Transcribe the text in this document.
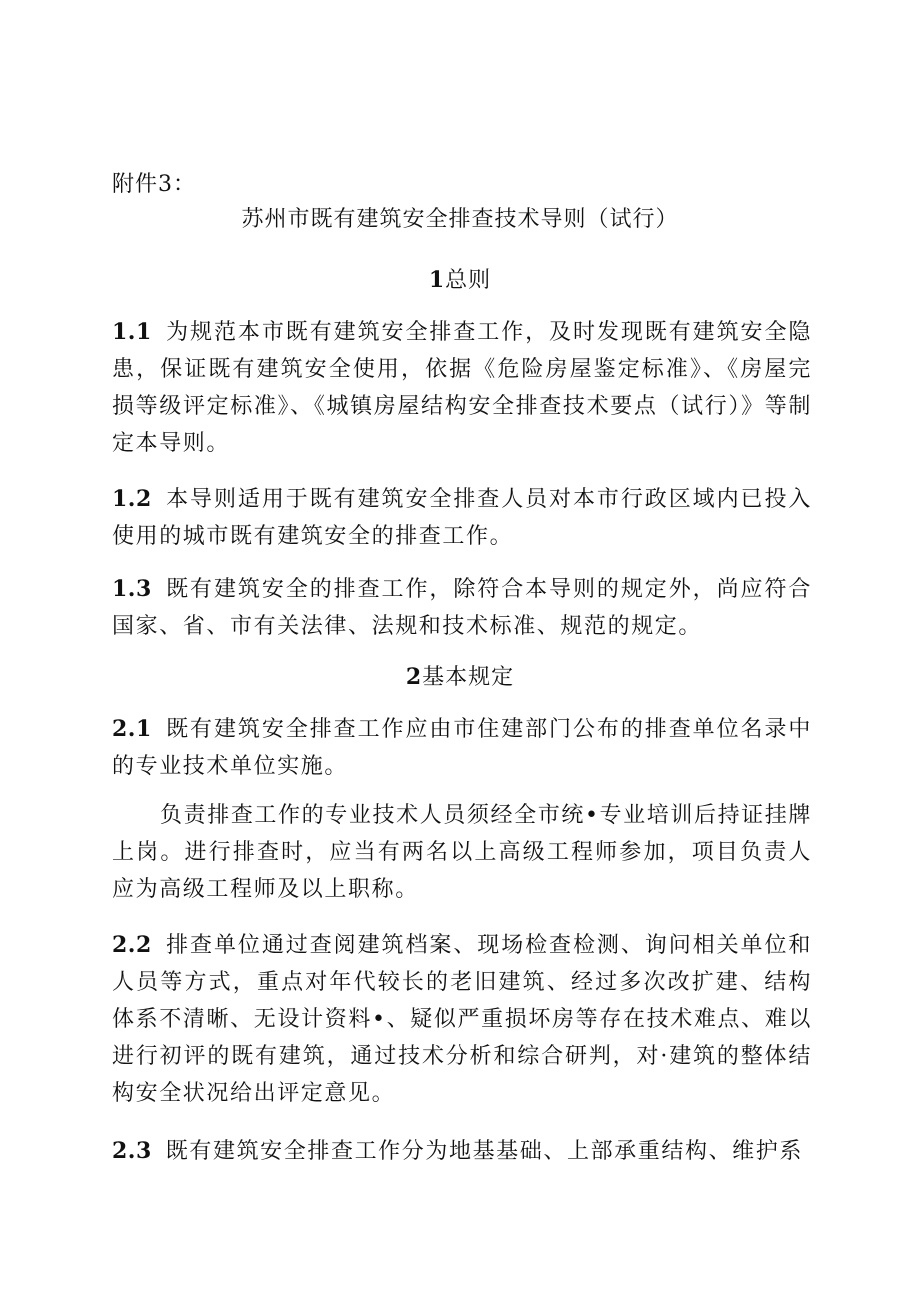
附件3：
苏州市既有建筑安全排查技术导则（试行）
1总则
1.1 为规范本市既有建筑安全排查工作，及时发现既有建筑安全隐患，保证既有建筑安全使用，依据《危险房屋鉴定标准》、《房屋完损等级评定标准》、《城镇房屋结构安全排查技术要点（试行）》等制定本导则。
1.2 本导则适用于既有建筑安全排查人员对本市行政区域内已投入使用的城市既有建筑安全的排查工作。
1.3 既有建筑安全的排查工作，除符合本导则的规定外，尚应符合国家、省、市有关法律、法规和技术标准、规范的规定。
2基本规定
2.1 既有建筑安全排查工作应由市住建部门公布的排查单位名录中的专业技术单位实施。
负责排查工作的专业技术人员须经全市统•专业培训后持证挂牌上岗。进行排查时，应当有两名以上高级工程师参加，项目负责人应为高级工程师及以上职称。
2.2 排查单位通过查阅建筑档案、现场检查检测、询问相关单位和人员等方式，重点对年代较长的老旧建筑、经过多次改扩建、结构体系不清晰、无设计资料•、疑似严重损坏房等存在技术难点、难以进行初评的既有建筑，通过技术分析和综合研判，对·建筑的整体结构安全状况给出评定意见。
2.3 既有建筑安全排查工作分为地基基础、上部承重结构、维护系
